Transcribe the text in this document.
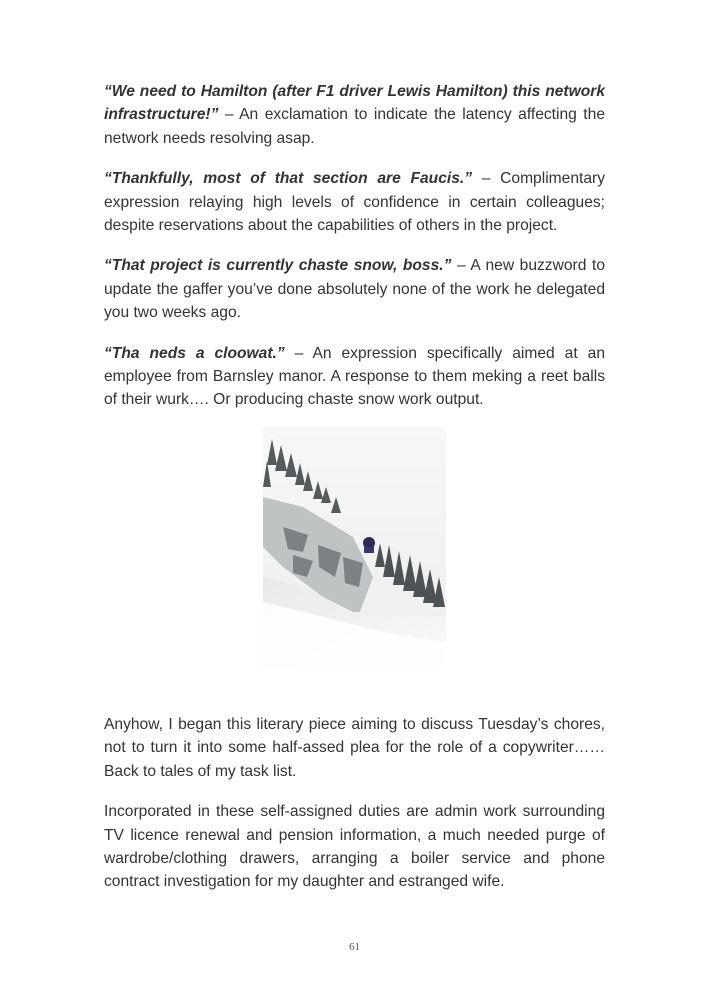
“We need to Hamilton (after F1 driver Lewis Hamilton) this network infrastructure!” – An exclamation to indicate the latency affecting the network needs resolving asap.

“Thankfully, most of that section are Faucis.” – Complimentary expression relaying high levels of confidence in certain colleagues; despite reservations about the capabilities of others in the project.

“That project is currently chaste snow, boss.” – A new buzzword to update the gaffer you’ve done absolutely none of the work he delegated you two weeks ago.

“Tha neds a cloowat.” – An expression specifically aimed at an employee from Barnsley manor. A response to them meking a reet balls of their wurk…. Or producing chaste snow work output.

Anyhow, I began this literary piece aiming to discuss Tuesday’s chores, not to turn it into some half-assed plea for the role of a copywriter…… Back to tales of my task list.

Incorporated in these self-assigned duties are admin work surrounding TV licence renewal and pension information, a much needed purge of wardrobe/clothing drawers, arranging a boiler service and phone contract investigation for my daughter and estranged wife.

61
